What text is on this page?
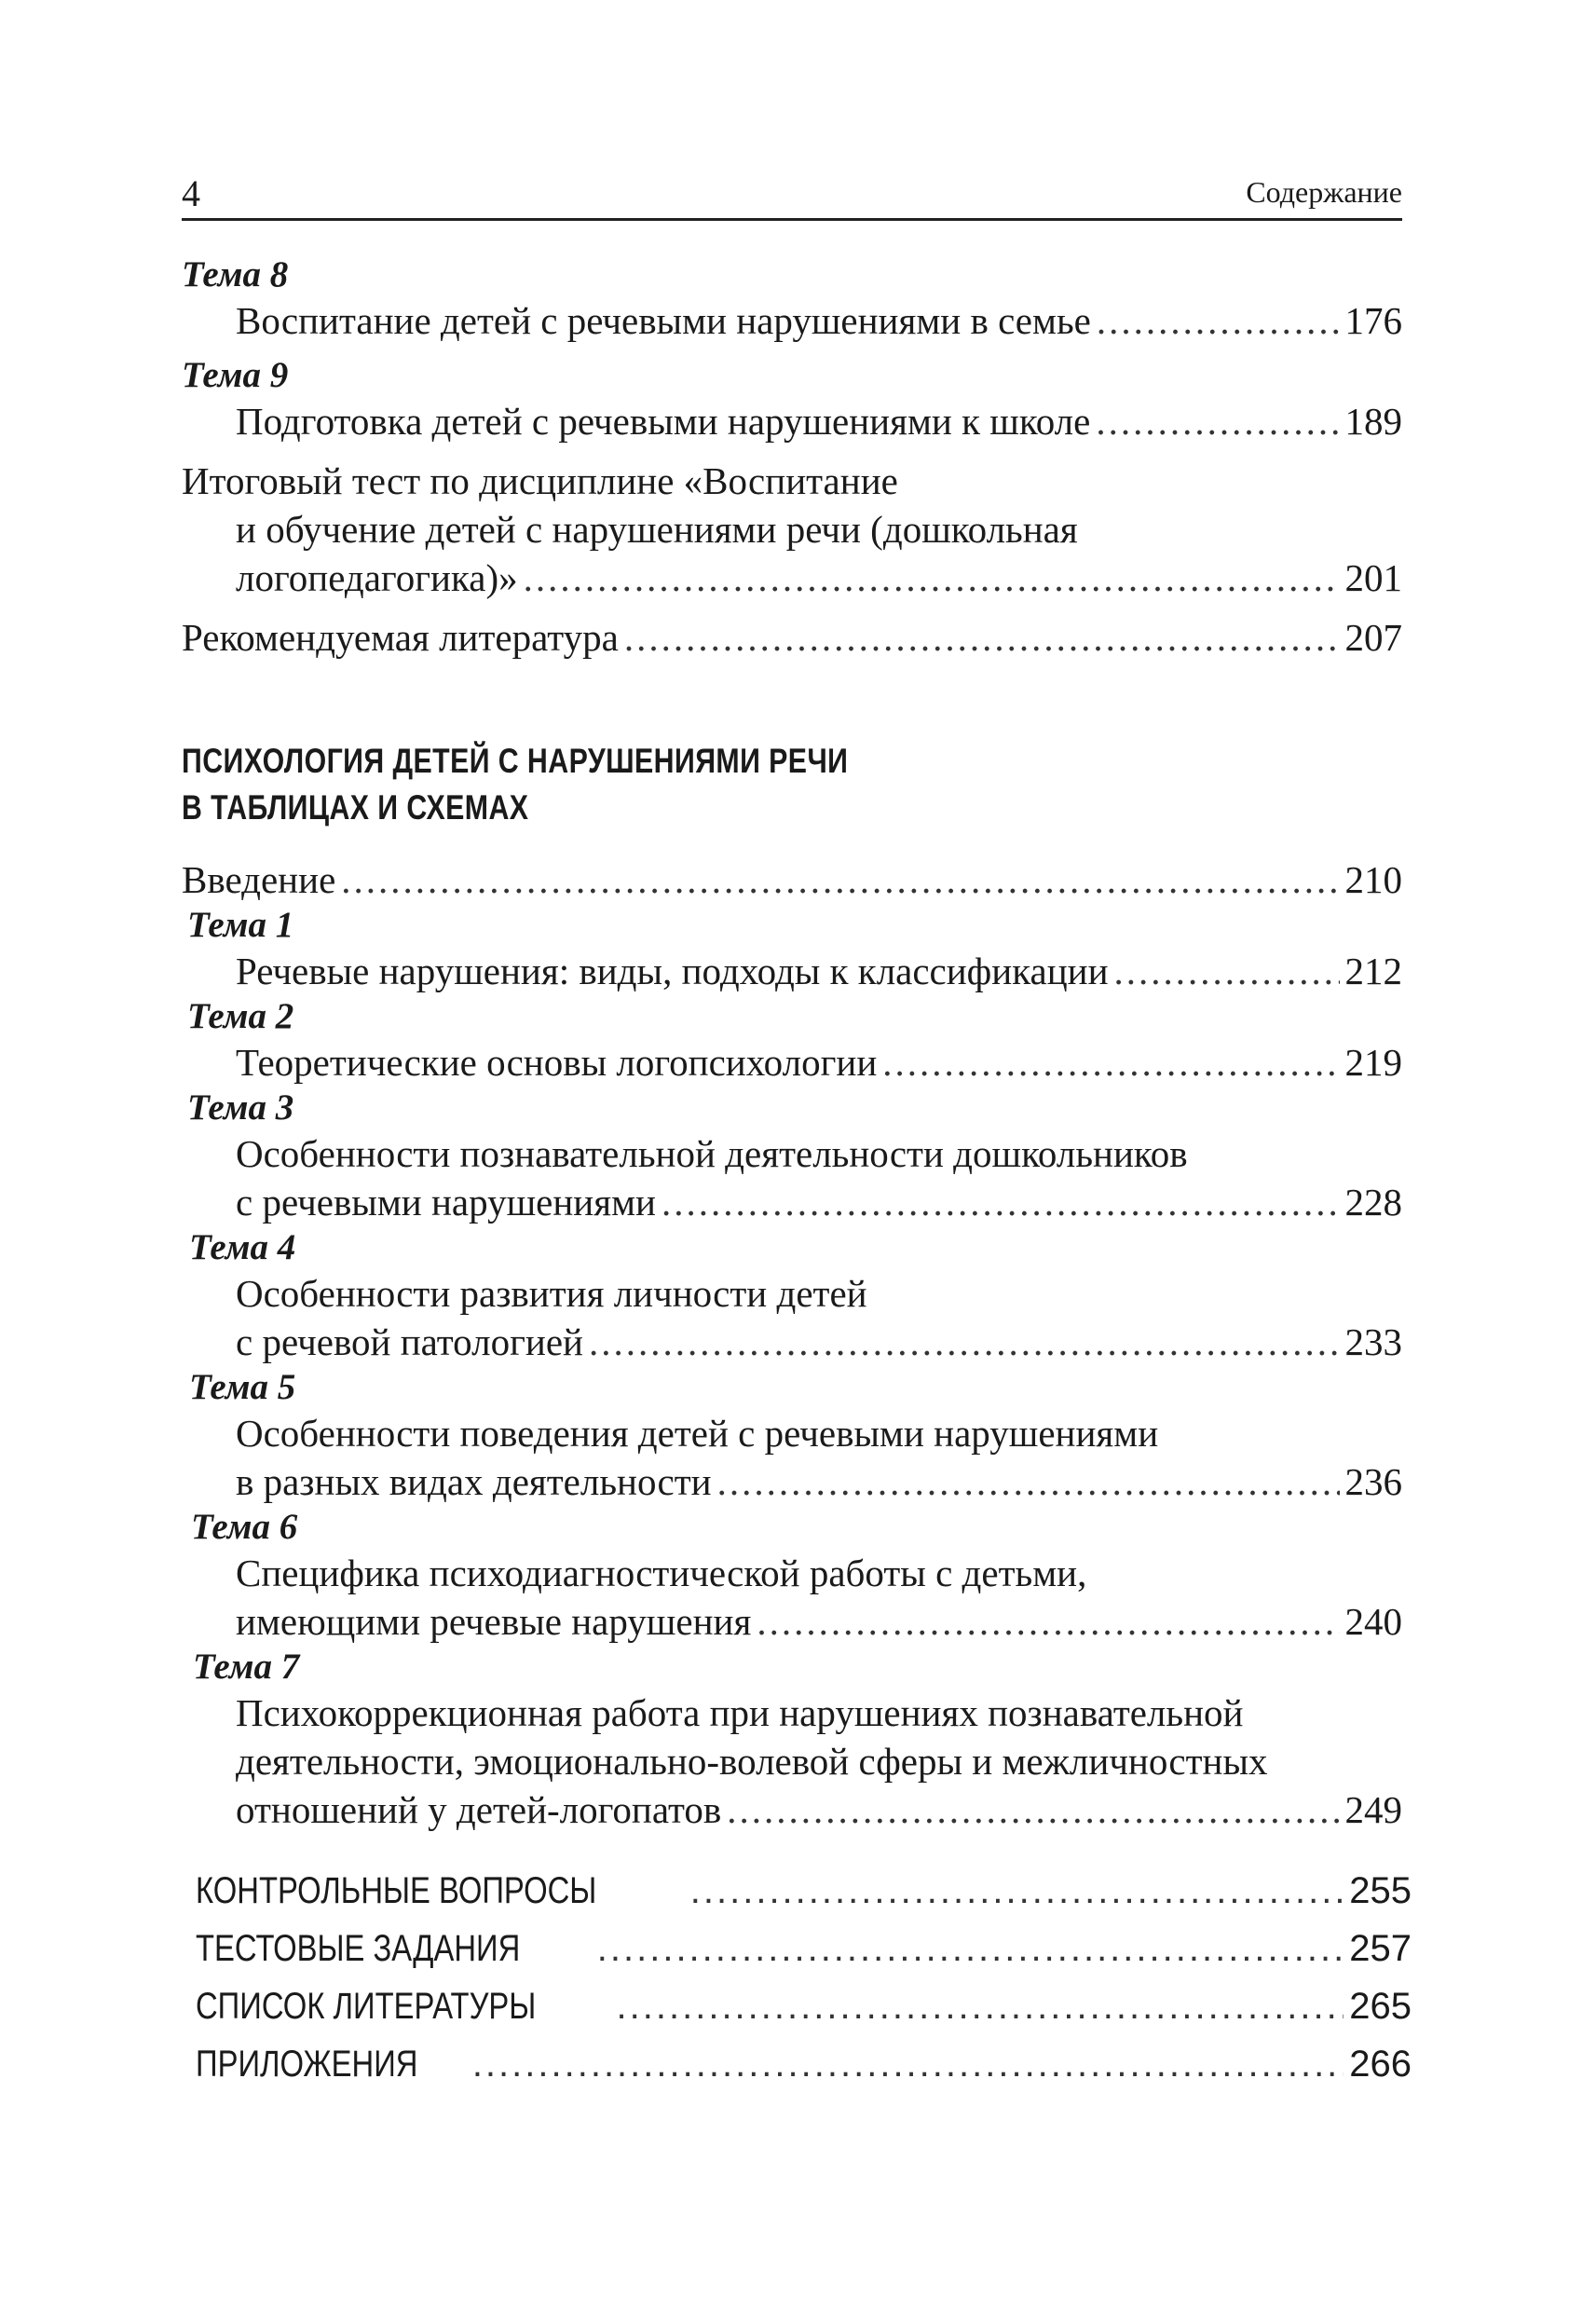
4	Содержание
Тема 8
Воспитание детей с речевыми нарушениями в семье .....	176
Тема 9
Подготовка детей с речевыми нарушениями к школе .....	189
Итоговый тест по дисциплине «Воспитание
и обучение детей с нарушениями речи (дошкольная
логопедагогика)» .....	201
Рекомендуемая литература .....	207
ПСИХОЛОГИЯ ДЕТЕЙ С НАРУШЕНИЯМИ РЕЧИ
В ТАБЛИЦАХ И СХЕМАХ
Введение .....	210
Тема 1
Речевые нарушения: виды, подходы к классификации .....	212
Тема 2
Теоретические основы логопсихологии .....	219
Тема 3
Особенности познавательной деятельности дошкольников
с речевыми нарушениями .....	228
Тема 4
Особенности развития личности детей
с речевой патологией .....	233
Тема 5
Особенности поведения детей с речевыми нарушениями
в разных видах деятельности .....	236
Тема 6
Специфика психодиагностической работы с детьми,
имеющими речевые нарушения .....	240
Тема 7
Психокоррекционная работа при нарушениях познавательной
деятельности, эмоционально-волевой сферы и межличностных
отношений у детей-логопатов .....	249
КОНТРОЛЬНЫЕ ВОПРОСЫ .....	255
ТЕСТОВЫЕ ЗАДАНИЯ .....	257
СПИСОК ЛИТЕРАТУРЫ .....	265
ПРИЛОЖЕНИЯ .....	266
